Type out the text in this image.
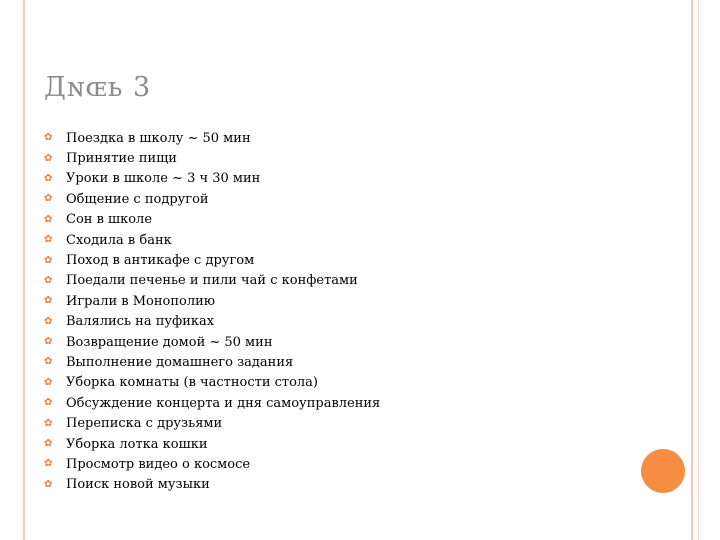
Дɴɶь 3
✿	Поездка в школу ~ 50 мин
✿	Принятие пищи
✿	Уроки в школе ~ 3 ч 30 мин
✿	Общение с подругой
✿	Сон в школе
✿	Сходила в банк
✿	Поход в антикафе с другом
✿	Поедали печенье и пили чай с конфетами
✿	Играли в Монополию
✿	Валялись на пуфиках
✿	Возвращение домой ~ 50 мин
✿	Выполнение домашнего задания
✿	Уборка комнаты (в частности стола)
✿	Обсуждение концерта и дня самоуправления
✿	Переписка с друзьями
✿	Уборка лотка кошки
✿	Просмотр видео о космосе
✿	Поиск новой музыки
